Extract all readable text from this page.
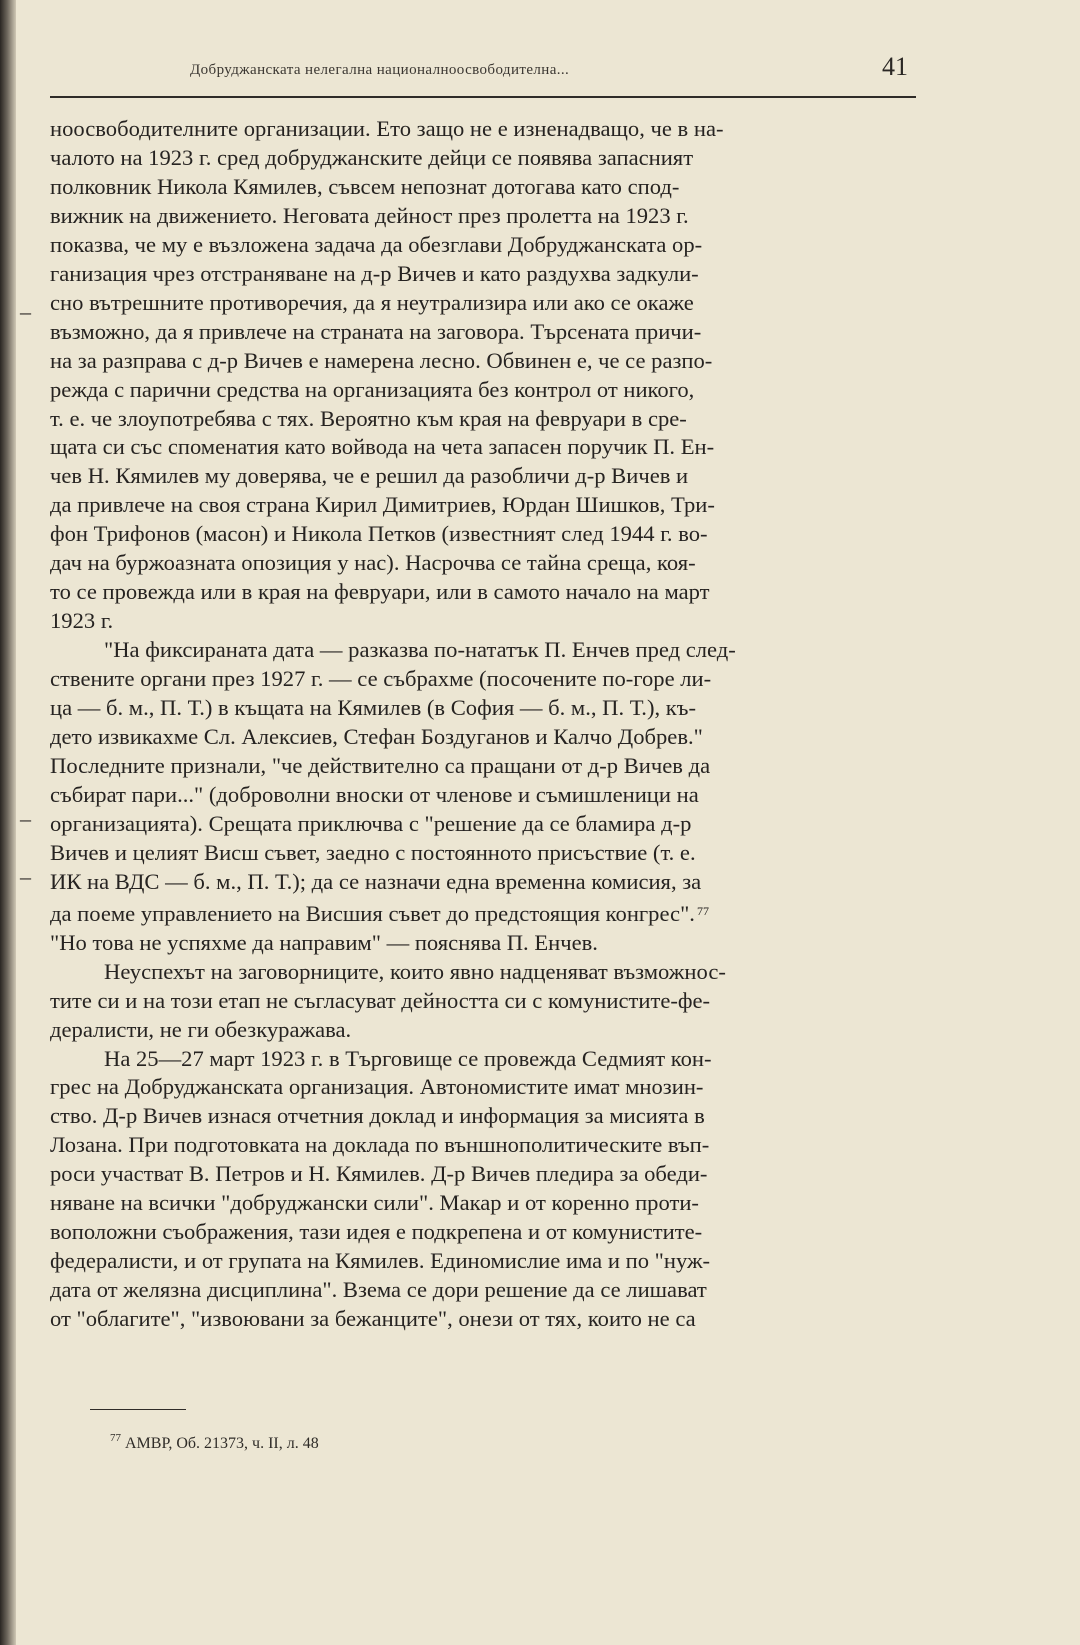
Добруджанската нелегална националноосвободителна...	41
ноосвободителните организации. Ето защо не е изненадващо, че в на-
чалото на 1923 г. сред добруджанските дейци се появява запасният
полковник Никола Кямилев, съвсем непознат дотогава като спод-
вижник на движението. Неговата дейност през пролетта на 1923 г.
показва, че му е възложена задача да обезглави Добруджанската ор-
ганизация чрез отстраняване на д-р Вичев и като раздухва задкули-
сно вътрешните противоречия, да я неутрализира или ако се окаже
възможно, да я привлече на страната на заговора. Търсената причи-
на за разправа с д-р Вичев е намерена лесно. Обвинен е, че се разпо-
режда с парични средства на организацията без контрол от никого,
т. е. че злоупотребява с тях. Вероятно към края на февруари в сре-
щата си със споменатия като войвода на чета запасен поручик П. Ен-
чев Н. Кямилев му доверява, че е решил да разобличи д-р Вичев и
да привлече на своя страна Кирил Димитриев, Юрдан Шишков, Три-
фон Трифонов (масон) и Никола Петков (известният след 1944 г. во-
дач на буржоазната опозиция у нас). Насрочва се тайна среща, коя-
то се провежда или в края на февруари, или в самото начало на март
1923 г.
"На фиксираната дата — разказва по-нататък П. Енчев пред след-
ствените органи през 1927 г. — се събрахме (посочените по-горе ли-
ца — б. м., П. Т.) в къщата на Кямилев (в София — б. м., П. Т.), къ-
дето извикахме Сл. Алексиев, Стефан Боздуганов и Калчо Добрев."
Последните признали, "че действително са пращани от д-р Вичев да
събират пари..." (доброволни вноски от членове и съмишленици на
организацията). Срещата приключва с "решение да се бламира д-р
Вичев и целият Висш съвет, заедно с постоянното присъствие (т. е.
ИК на ВДС — б. м., П. Т.); да се назначи една временна комисия, за
да поеме управлението на Висшия съвет до предстоящия конгрес". $^{77}$
"Но това не успяхме да направим" — пояснява П. Енчев.
Неуспехът на заговорниците, които явно надценяват възможнос-
тите си и на този етап не съгласуват дейността си с комунистите-фе-
дералисти, не ги обезкуражава.
На 25—27 март 1923 г. в Търговище се провежда Седмият кон-
грес на Добруджанската организация. Автономистите имат мнозин-
ство. Д-р Вичев изнася отчетния доклад и информация за мисията в
Лозана. При подготовката на доклада по външнополитическите въп-
роси участват В. Петров и Н. Кямилев. Д-р Вичев пледира за обеди-
няване на всички "добруджански сили". Макар и от коренно проти-
воположни съображения, тази идея е подкрепена и от комунистите-
федералисти, и от групата на Кямилев. Единомислие има и по "нуж-
дата от желязна дисциплина". Взема се дори решение да се лишават
от "облагите", "извоювани за бежанците", онези от тях, които не са
–
–
–
$^{77}$ АМВР, Об. 21373, ч. II, л. 48
